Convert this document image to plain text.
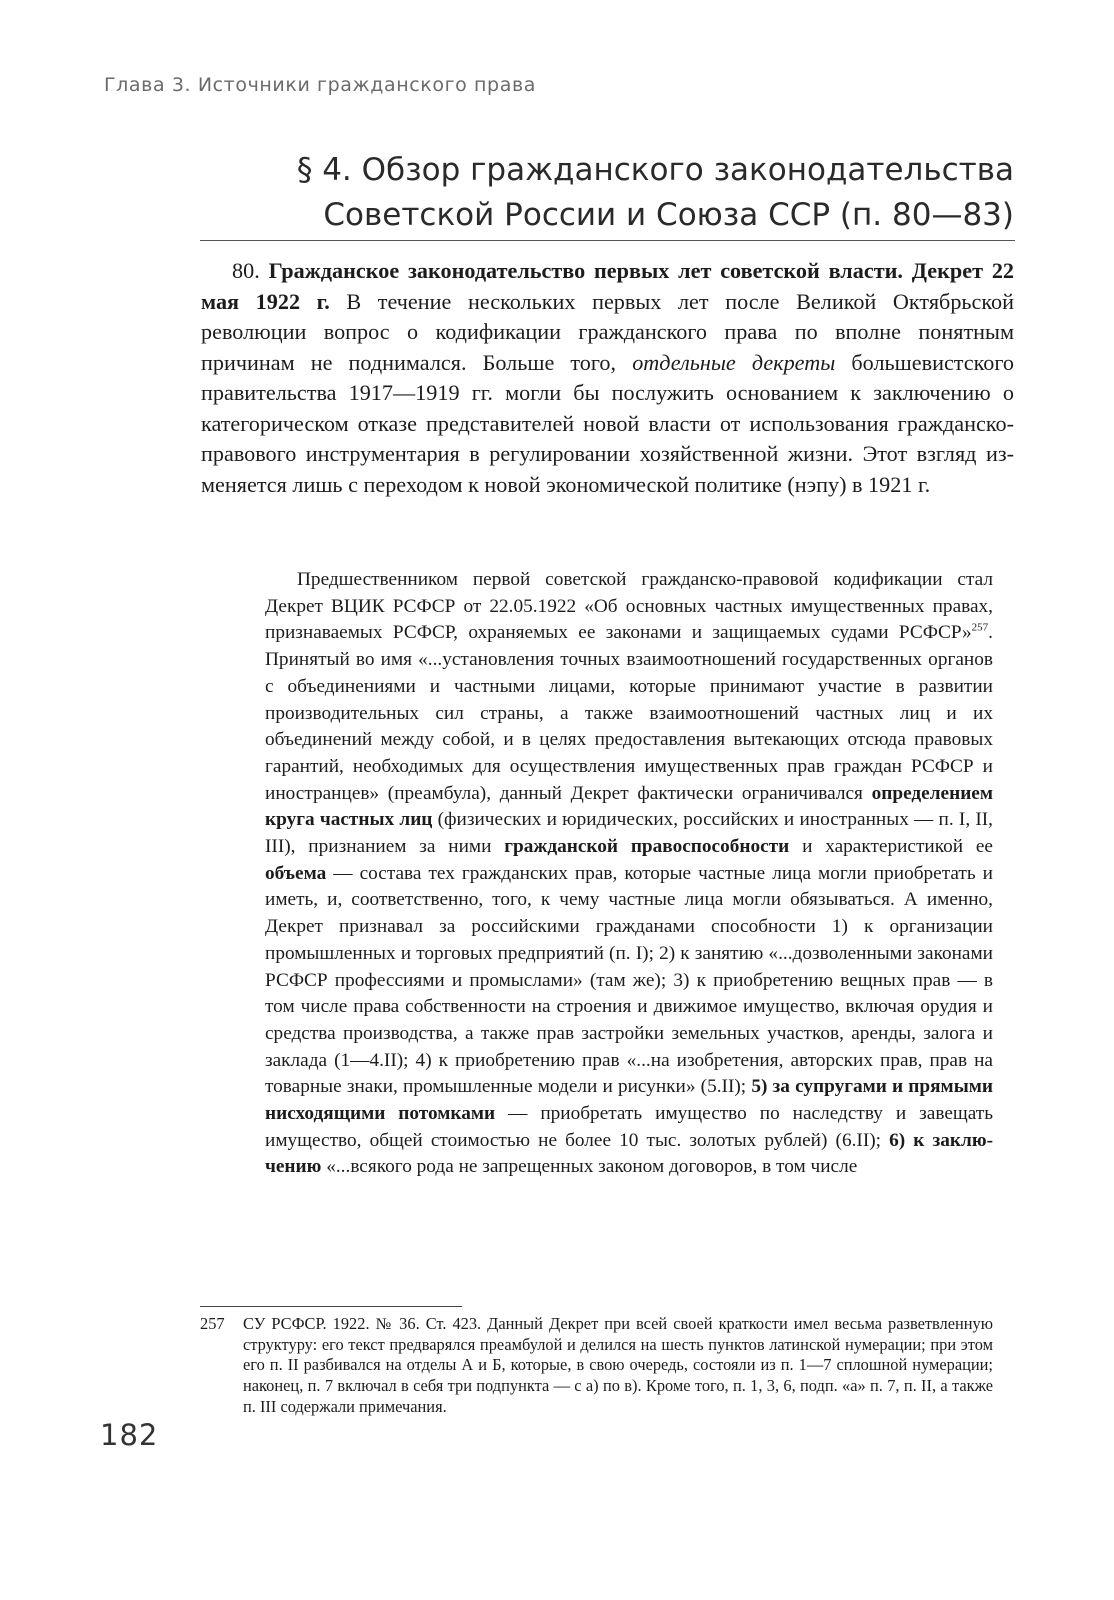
Глава 3. Источники гражданского права
§ 4. Обзор гражданского законодательства
Советской России и Союза ССР (п. 80—83)

80. Гражданское законодательство первых лет советской власти. Декрет 22 мая 1922 г. В течение нескольких первых лет после Великой Октябрьской революции вопрос о кодификации гражданского права по вполне понятным причинам не поднимался. Больше того, отдельные декреты большевистского правительства 1917—1919 гг. могли бы послужить основанием к заключению о категорическом отказе представителей новой власти от использования гражданско-правового инструментария в регулировании хозяйственной жизни. Этот взгляд изменяется лишь с переходом к новой экономической политике (нэпу) в 1921 г.

Предшественником первой советской гражданско-правовой кодификации стал Декрет ВЦИК РСФСР от 22.05.1922 «Об основных частных имущественных правах, признаваемых РСФСР, охраняемых ее законами и защищаемых судами РСФСР»$^{257}$. Принятый во имя «...установления точных взаимоотношений государственных органов с объединениями и частными лицами, которые принимают участие в развитии производительных сил страны, а также взаимоотношений частных лиц и их объединений между собой, и в целях предоставления вытекающих отсюда правовых гарантий, необходимых для осуществления имущественных прав граждан РСФСР и иностранцев» (преамбула), данный Декрет фактически ограничивался определением круга частных лиц (физических и юридических, российских и иностранных — п. I, II, III), признанием за ними гражданской правоспособности и характеристикой ее объема — состава тех гражданских прав, которые частные лица могли приобретать и иметь, и, соответственно, того, к чему частные лица могли обязываться. А именно, Декрет признавал за российскими гражданами способности 1) к организации промышленных и торговых предприятий (п. I); 2) к занятию «...дозволенными законами РСФСР профессиями и промыслами» (там же); 3) к приобретению вещных прав — в том числе права собственности на строения и движимое имущество, включая орудия и средства производства, а также прав застройки земельных участков, аренды, залога и заклада (1—4.II); 4) к приобретению прав «...на изобретения, авторских прав, прав на товарные знаки, промышленные модели и рисунки» (5.II); 5) за супругами и прямыми нисходящими потомками — приобретать имущество по наследству и завещать имущество, общей стоимостью не более 10 тыс. золотых рублей) (6.II); 6) к заключению «...всякого рода не запрещенных законом договоров, в том числе

257	СУ РСФСР. 1922. № 36. Ст. 423. Данный Декрет при всей своей краткости имел весьма разветвленную структуру: его текст предварялся преамбулой и делился на шесть пунктов латинской нумерации; при этом его п. II разбивался на отделы А и Б, которые, в свою очередь, состояли из п. 1—7 сплошной нумерации; наконец, п. 7 включал в себя три подпункта — с а) по в). Кроме того, п. 1, 3, 6, подп. «а» п. 7, п. II, а также п. III содержали примечания.
182
